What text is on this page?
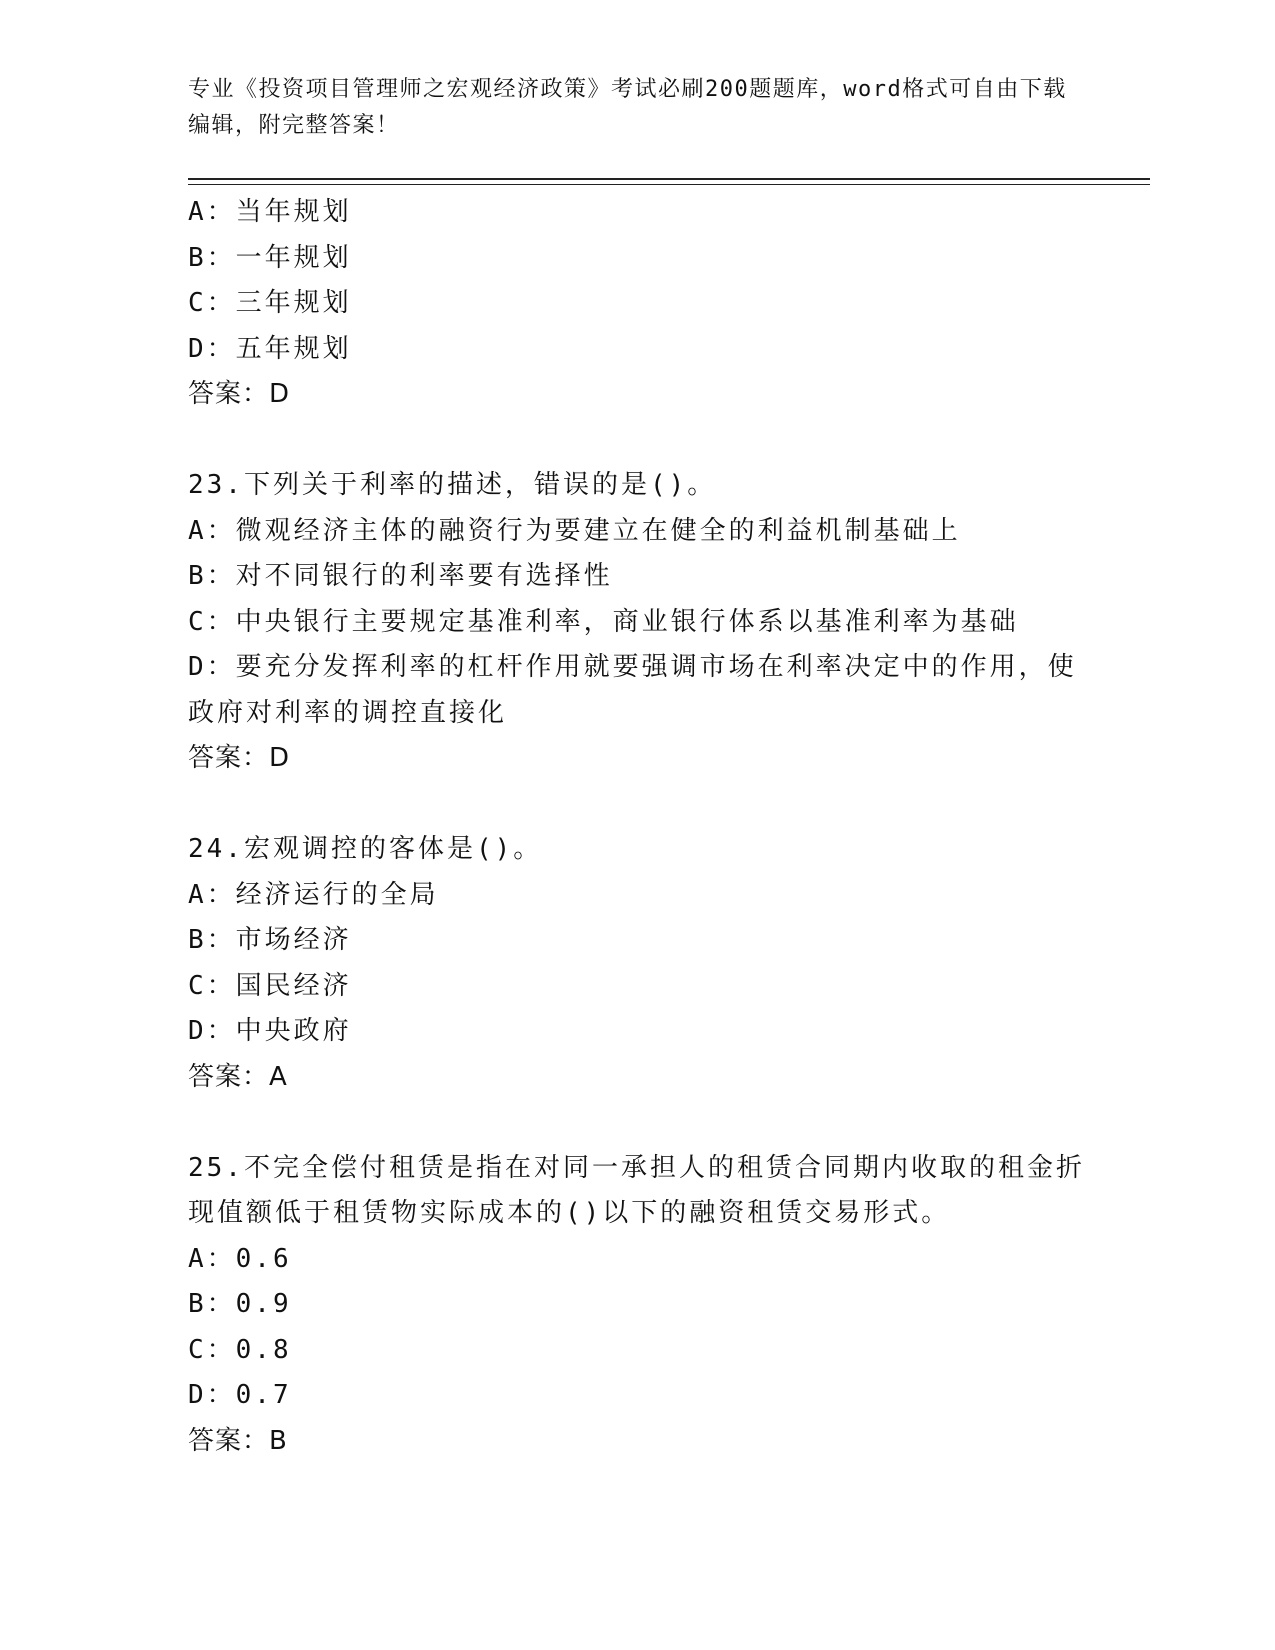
专业《投资项目管理师之宏观经济政策》考试必刷200题题库，word格式可自由下载编辑，附完整答案！
A：当年规划
B：一年规划
C：三年规划
D：五年规划
答案：D
23.下列关于利率的描述，错误的是()。
A：微观经济主体的融资行为要建立在健全的利益机制基础上
B：对不同银行的利率要有选择性
C：中央银行主要规定基准利率，商业银行体系以基准利率为基础
D：要充分发挥利率的杠杆作用就要强调市场在利率决定中的作用，使
政府对利率的调控直接化
答案：D
24.宏观调控的客体是()。
A：经济运行的全局
B：市场经济
C：国民经济
D：中央政府
答案：A
25.不完全偿付租赁是指在对同一承担人的租赁合同期内收取的租金折
现值额低于租赁物实际成本的()以下的融资租赁交易形式。
A：0.6
B：0.9
C：0.8
D：0.7
答案：B
